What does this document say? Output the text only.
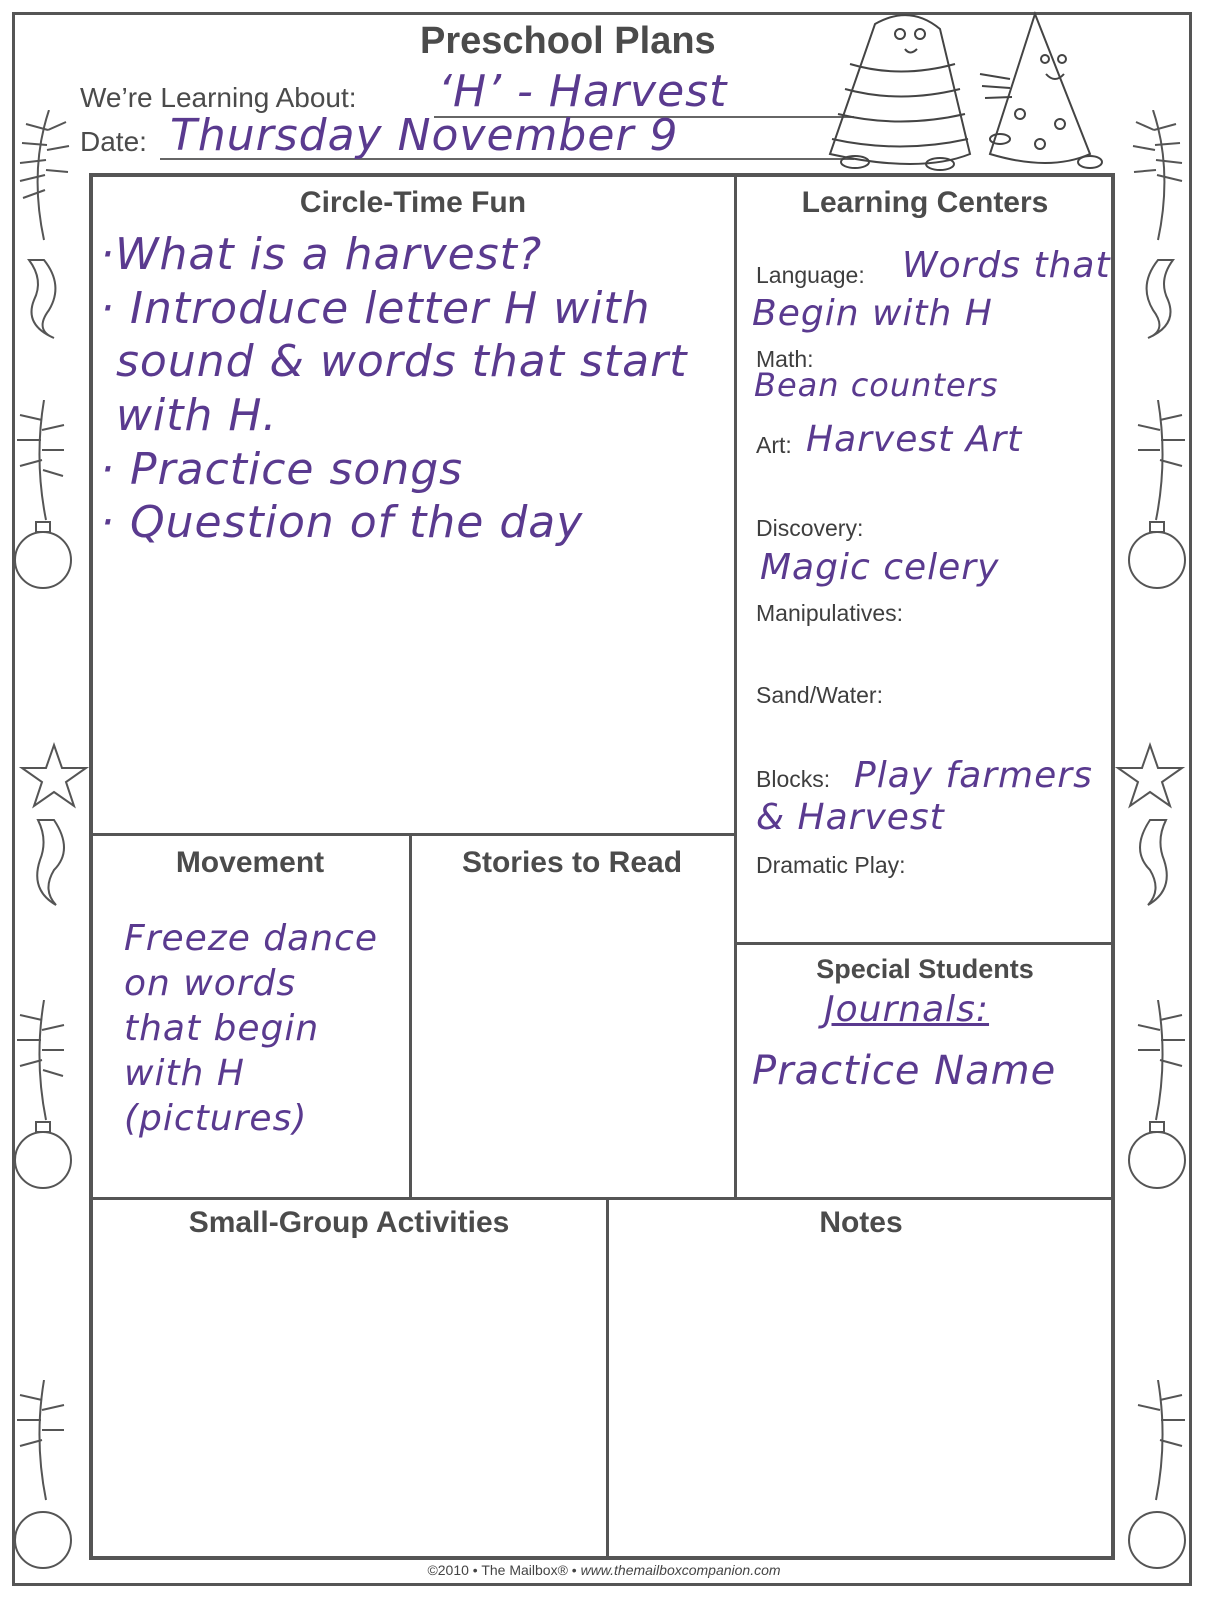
Preschool Plans
We’re Learning About: ‘H’ - Harvest
Date: Thursday November 9
Circle-Time Fun
·What is a harvest?
· Introduce letter H with
sound & words that start
with H.
· Practice songs
· Question of the day
Learning Centers
Language: Words that
Begin with H
Math:
Bean counters
Art: Harvest Art
Discovery:
Magic celery
Manipulatives:
Sand/Water:
Blocks: Play farmers
& Harvest
Dramatic Play:
Movement
Freeze dance
on words
that begin
with H
(pictures)
Stories to Read
Special Students
Journals:
Practice Name
Small-Group Activities	Notes
©2010 • The Mailbox® • www.themailboxcompanion.com
